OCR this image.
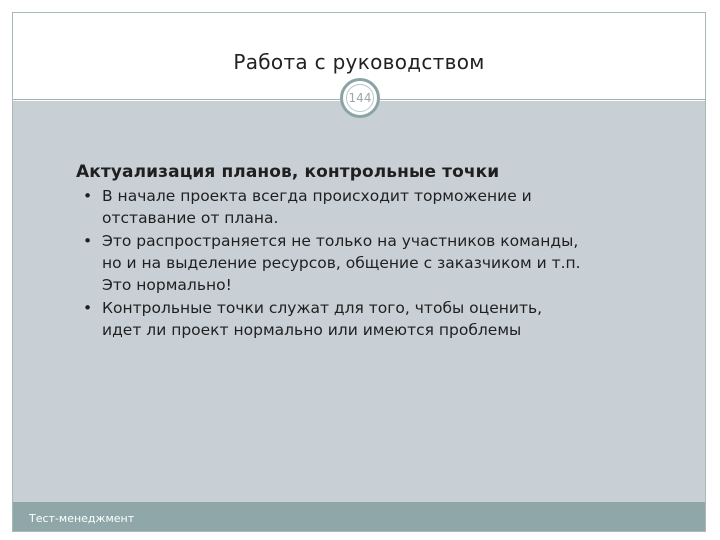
Работа с руководством
144
Актуализация планов, контрольные точки
• В начале проекта всегда происходит торможение и
отставание от плана.
• Это распространяется не только на участников команды,
но и на выделение ресурсов, общение с заказчиком и т.п.
Это нормально!
• Контрольные точки служат для того, чтобы оценить,
идет ли проект нормально или имеются проблемы
Тест-менеджмент
